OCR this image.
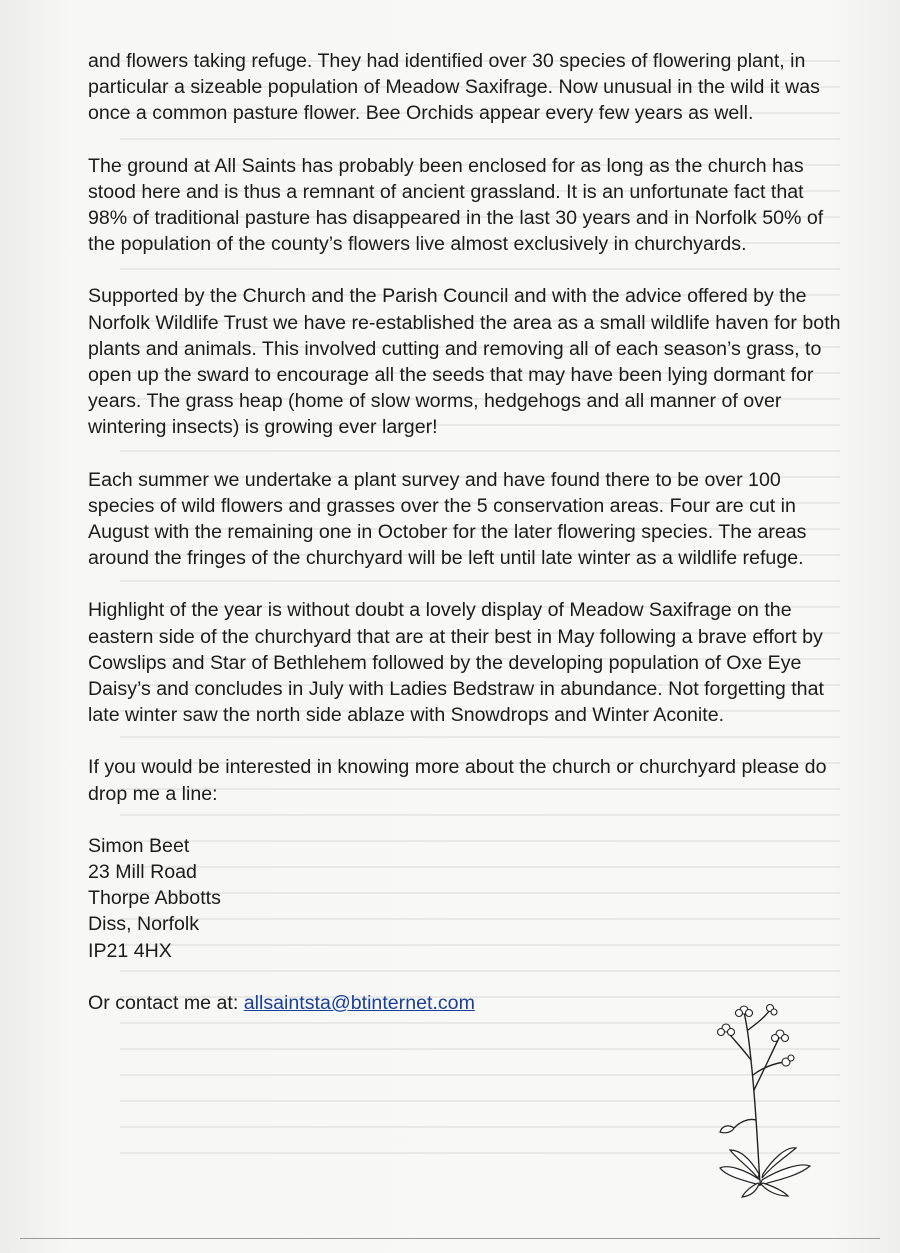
and flowers taking refuge. They had identified over 30 species of flowering plant, in particular a sizeable population of Meadow Saxifrage. Now unusual in the wild it was once a common pasture flower. Bee Orchids appear every few years as well.

The ground at All Saints has probably been enclosed for as long as the church has stood here and is thus a remnant of ancient grassland. It is an unfortunate fact that 98% of traditional pasture has disappeared in the last 30 years and in Norfolk 50% of the population of the county’s flowers live almost exclusively in churchyards.

Supported by the Church and the Parish Council and with the advice offered by the Norfolk Wildlife Trust we have re-established the area as a small wildlife haven for both plants and animals. This involved cutting and removing all of each season’s grass, to open up the sward to encourage all the seeds that may have been lying dormant for years. The grass heap (home of slow worms, hedgehogs and all manner of over wintering insects) is growing ever larger!

Each summer we undertake a plant survey and have found there to be over 100 species of wild flowers and grasses over the 5 conservation areas. Four are cut in August with the remaining one in October for the later flowering species. The areas around the fringes of the churchyard will be left until late winter as a wildlife refuge.

Highlight of the year is without doubt a lovely display of Meadow Saxifrage on the eastern side of the churchyard that are at their best in May following a brave effort by Cowslips and Star of Bethlehem followed by the developing population of Oxe Eye Daisy’s and concludes in July with Ladies Bedstraw in abundance. Not forgetting that late winter saw the north side ablaze with Snowdrops and Winter Aconite.

If you would be interested in knowing more about the church or churchyard please do drop me a line:

Simon Beet
23 Mill Road
Thorpe Abbotts
Diss, Norfolk
IP21 4HX

Or contact me at: allsaintsta@btinternet.com
